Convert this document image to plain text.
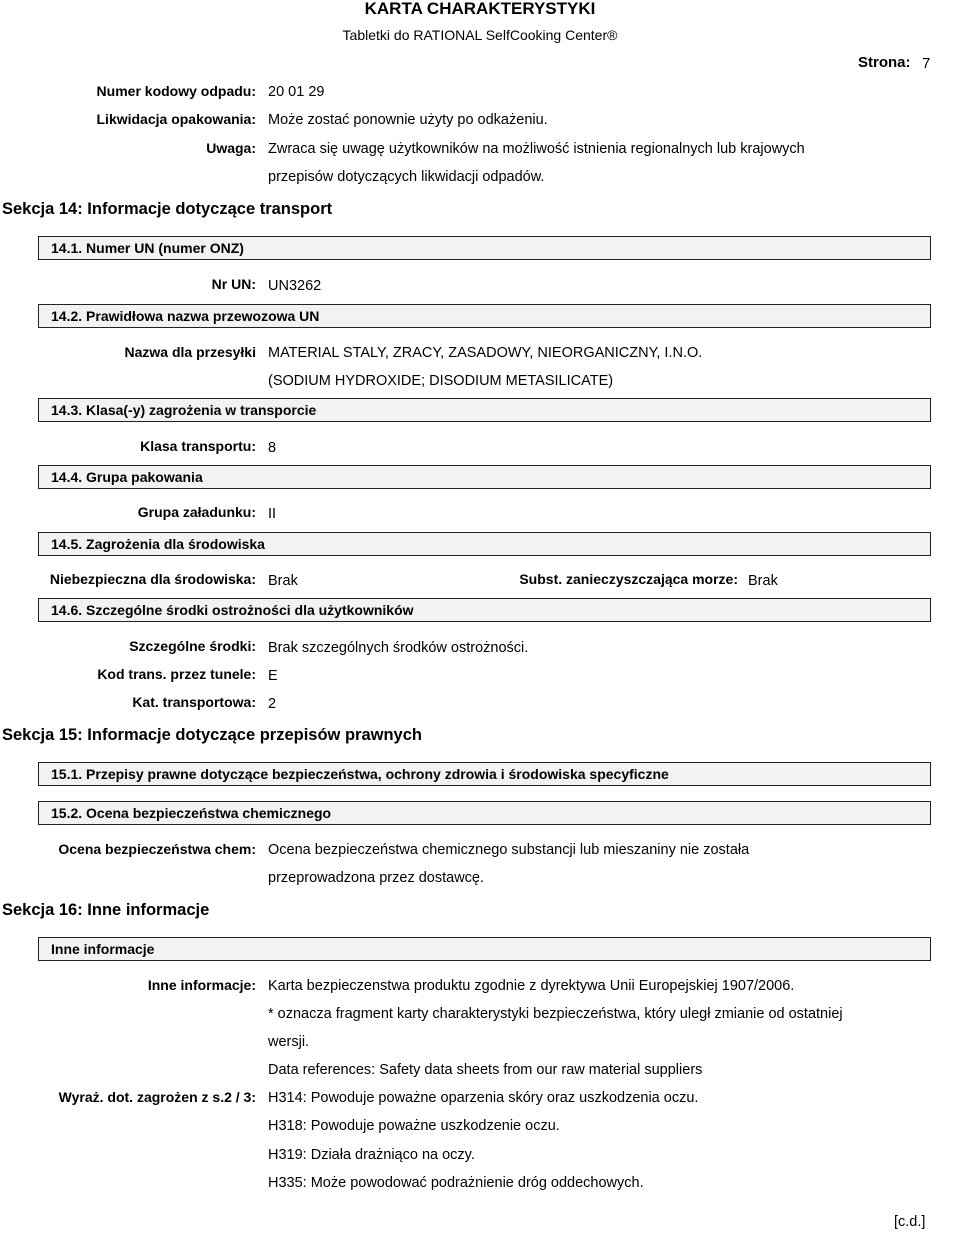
KARTA CHARAKTERYSTYKI
Tabletki do RATIONAL SelfCooking Center®
Strona: 7
Numer kodowy odpadu: 20 01 29
Likwidacja opakowania: Może zostać ponownie użyty po odkażeniu.
Uwaga: Zwraca się uwagę użytkowników na możliwość istnienia regionalnych lub krajowych
przepisów dotyczących likwidacji odpadów.
Sekcja 14: Informacje dotyczące transport
14.1. Numer UN (numer ONZ)
Nr UN: UN3262
14.2. Prawidłowa nazwa przewozowa UN
Nazwa dla przesyłki MATERIAL STALY, ZRACY, ZASADOWY, NIEORGANICZNY, I.N.O.
(SODIUM HYDROXIDE; DISODIUM METASILICATE)
14.3. Klasa(-y) zagrożenia w transporcie
Klasa transportu: 8
14.4. Grupa pakowania
Grupa załadunku: II
14.5. Zagrożenia dla środowiska
Niebezpieczna dla środowiska: Brak	Subst. zanieczyszczająca morze: Brak
14.6. Szczególne środki ostrożności dla użytkowników
Szczególne środki: Brak szczególnych środków ostrożności.
Kod trans. przez tunele: E
Kat. transportowa: 2
Sekcja 15: Informacje dotyczące przepisów prawnych
15.1. Przepisy prawne dotyczące bezpieczeństwa, ochrony zdrowia i środowiska specyficzne
15.2. Ocena bezpieczeństwa chemicznego
Ocena bezpieczeństwa chem: Ocena bezpieczeństwa chemicznego substancji lub mieszaniny nie została
przeprowadzona przez dostawcę.
Sekcja 16: Inne informacje
Inne informacje
Inne informacje: Karta bezpieczenstwa produktu zgodnie z dyrektywa Unii Europejskiej 1907/2006.
* oznacza fragment karty charakterystyki bezpieczeństwa, który uległ zmianie od ostatniej
wersji.
Data references: Safety data sheets from our raw material suppliers
Wyraż. dot. zagrożen z s.2 / 3: H314: Powoduje poważne oparzenia skóry oraz uszkodzenia oczu.
H318: Powoduje poważne uszkodzenie oczu.
H319: Działa drażniąco na oczy.
H335: Może powodować podrażnienie dróg oddechowych.
[c.d.]
